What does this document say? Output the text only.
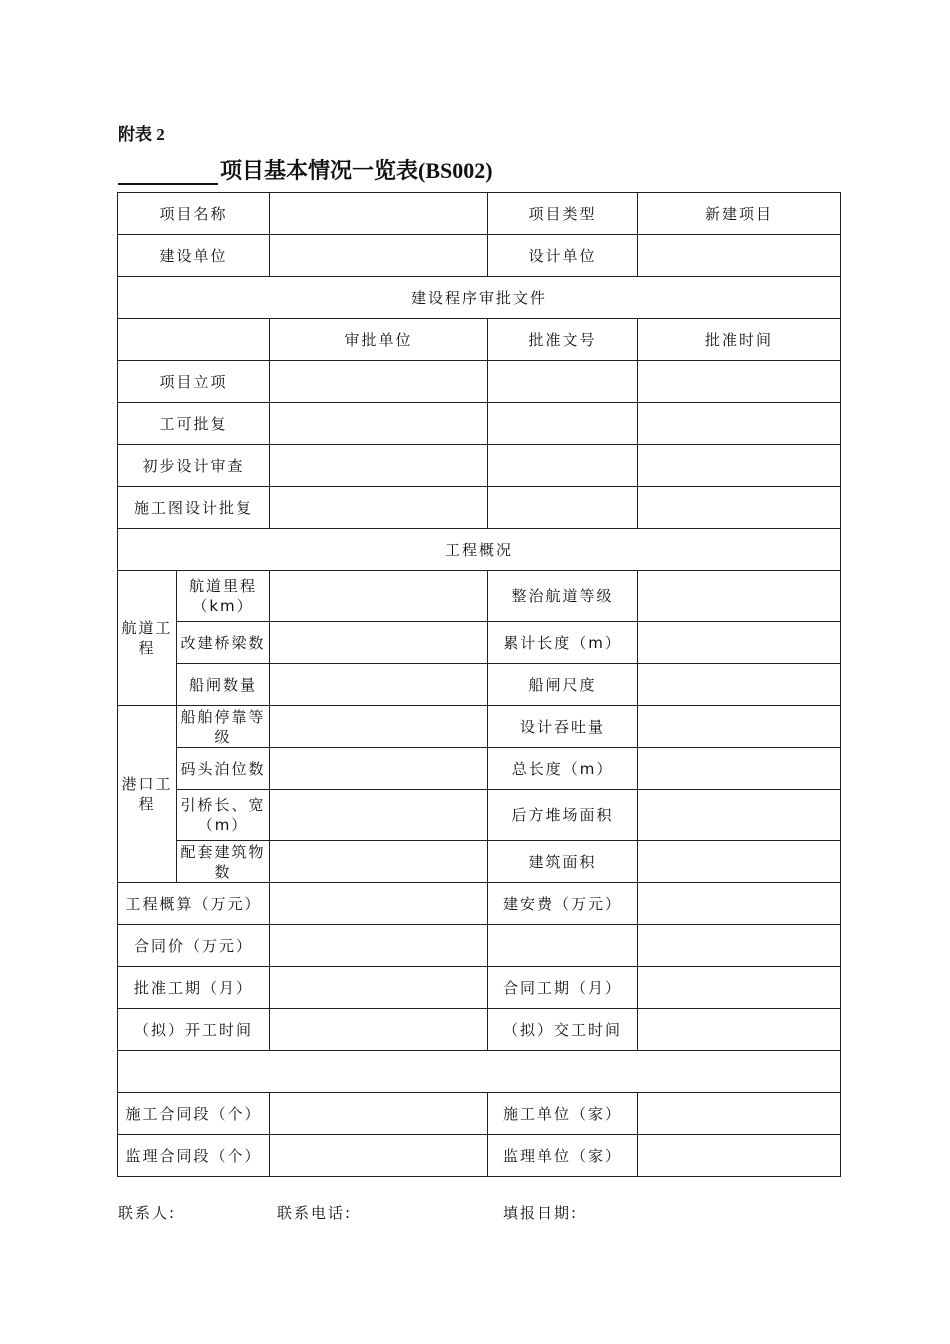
附表 2
项目基本情况一览表(BS002)
项目名称			项目类型	新建项目
建设单位			设计单位	
建设程序审批文件				
		审批单位	批准文号	批准时间
项目立项				
工可批复				
初步设计审查				
施工图设计批复				
工程概况				
航道工程	航道里程（km）		整治航道等级	
	改建桥梁数		累计长度（m）	
	船闸数量		船闸尺度	
港口工程	船舶停靠等级		设计吞吐量	
	码头泊位数		总长度（m）	
	引桥长、宽（m）		后方堆场面积	
	配套建筑物数		建筑面积	
工程概算（万元）			建安费（万元）	
合同价（万元）				
批准工期（月）			合同工期（月）	
（拟）开工时间			（拟）交工时间	

施工合同段（个）			施工单位（家）	
监理合同段（个）			监理单位（家）	
联系人:	联系电话:	填报日期:
